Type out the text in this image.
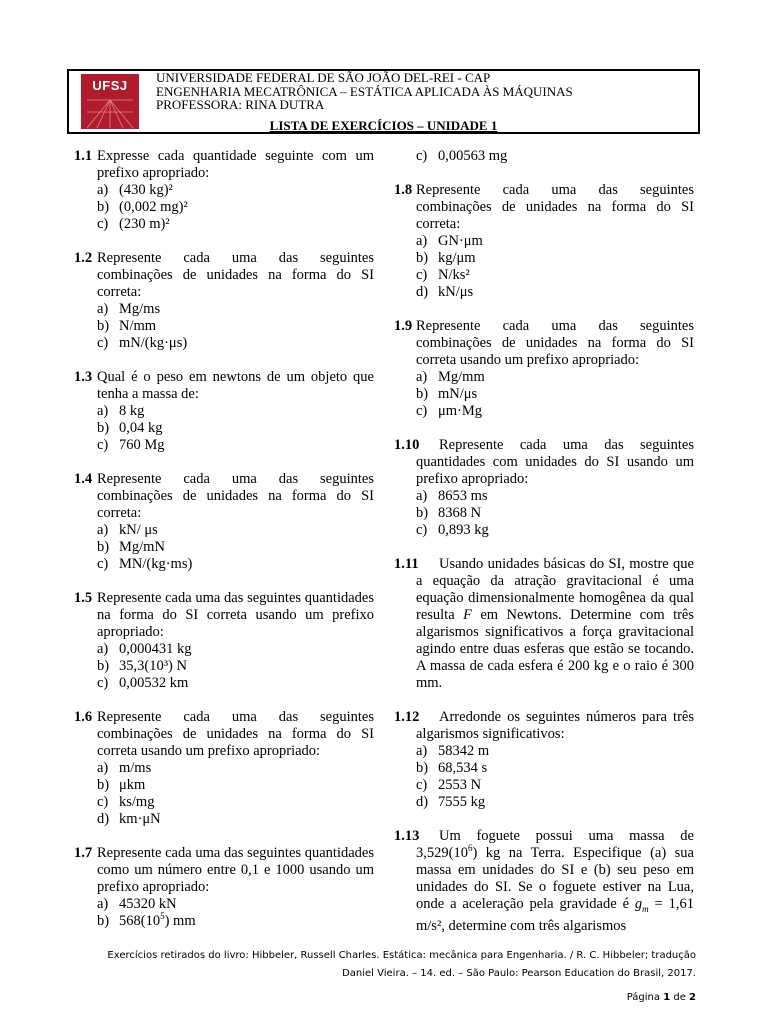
UFSJ
UNIVERSIDADE FEDERAL DE SÃO JOÃO DEL-REI - CAP
ENGENHARIA MECATRÔNICA – ESTÁTICA APLICADA ÀS MÁQUINAS
PROFESSORA: RINA DUTRA
LISTA DE EXERCÍCIOS – UNIDADE 1
1.1 Expresse cada quantidade seguinte com um prefixo apropriado:
a) (430 kg)²
b) (0,002 mg)²
c) (230 m)²
1.2 Represente cada uma das seguintes combinações de unidades na forma do SI correta:
a) Mg/ms
b) N/mm
c) mN/(kg·μs)
1.3 Qual é o peso em newtons de um objeto que tenha a massa de:
a) 8 kg
b) 0,04 kg
c) 760 Mg
1.4 Represente cada uma das seguintes combinações de unidades na forma do SI correta:
a) kN/ μs
b) Mg/mN
c) MN/(kg·ms)
1.5 Represente cada uma das seguintes quantidades na forma do SI correta usando um prefixo apropriado:
a) 0,000431 kg
b) 35,3(10³) N
c) 0,00532 km
1.6 Represente cada uma das seguintes combinações de unidades na forma do SI correta usando um prefixo apropriado:
a) m/ms
b) μkm
c) ks/mg
d) km·μN
1.7 Represente cada uma das seguintes quantidades como um número entre 0,1 e 1000 usando um prefixo apropriado:
a) 45320 kN
b) $568(10^5)$ mm
c) 0,00563 mg
1.8 Represente cada uma das seguintes combinações de unidades na forma do SI correta:
a) GN·μm
b) kg/μm
c) N/ks²
d) kN/μs
1.9 Represente cada uma das seguintes combinações de unidades na forma do SI correta usando um prefixo apropriado:
a) Mg/mm
b) mN/μs
c) μm·Mg
1.10	Represente cada uma das seguintes quantidades com unidades do SI usando um prefixo apropriado:
a) 8653 ms
b) 8368 N
c) 0,893 kg
1.11	Usando unidades básicas do SI, mostre que a equação da atração gravitacional é uma equação dimensionalmente homogênea da qual resulta F em Newtons. Determine com três algarismos significativos a força gravitacional agindo entre duas esferas que estão se tocando. A massa de cada esfera é 200 kg e o raio é 300 mm.
1.12	Arredonde os seguintes números para três algarismos significativos:
a) 58342 m
b) 68,534 s
c) 2553 N
d) 7555 kg
1.13	Um foguete possui uma massa de $3,529(10^6)$ kg na Terra. Especifique (a) sua massa em unidades do SI e (b) seu peso em unidades do SI. Se o foguete estiver na Lua, onde a aceleração pela gravidade é $g_m = 1,61$ m/s², determine com três algarismos
Exercícios retirados do livro: Hibbeler, Russell Charles. Estática: mecânica para Engenharia. / R. C. Hibbeler; tradução
Daniel Vieira. – 14. ed. – São Paulo: Pearson Education do Brasil, 2017.
Página 1 de 2
